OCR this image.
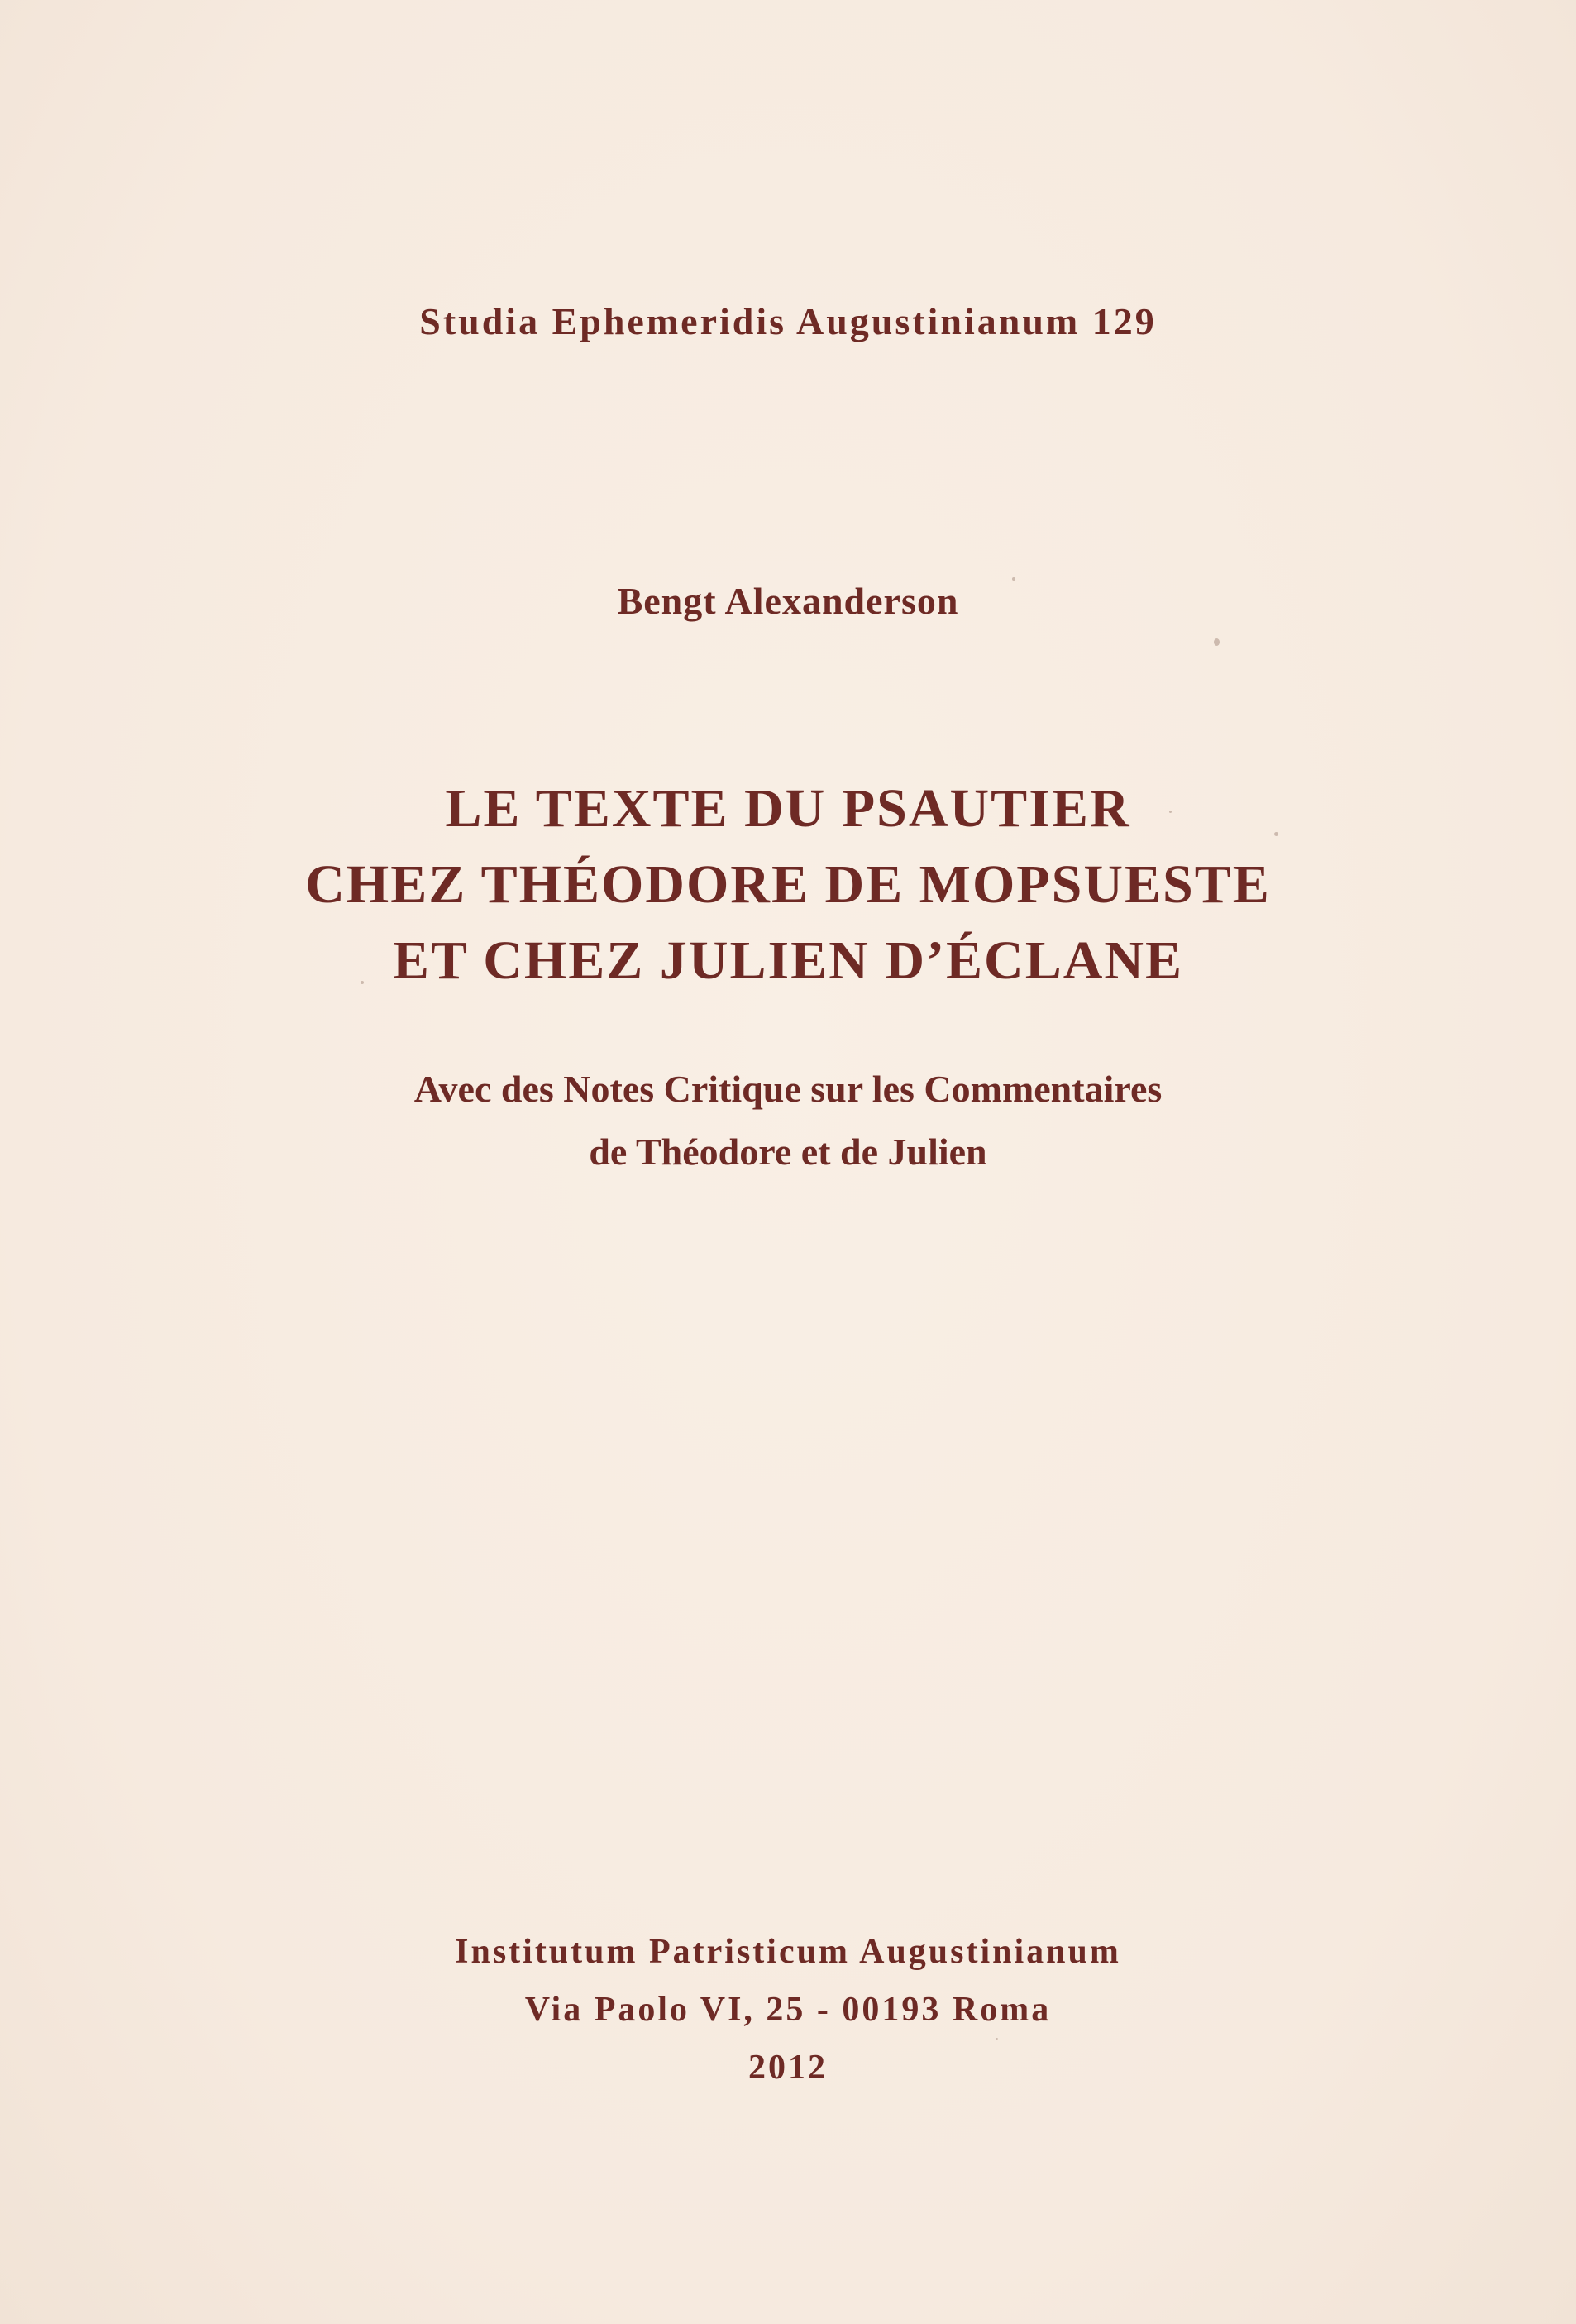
Studia Ephemeridis Augustinianum 129
Bengt Alexanderson
LE TEXTE DU PSAUTIER
CHEZ THÉODORE DE MOPSUESTE
ET CHEZ JULIEN D’ÉCLANE
Avec des Notes Critique sur les Commentaires
de Théodore et de Julien
Institutum Patristicum Augustinianum
Via Paolo VI, 25 - 00193 Roma
2012
